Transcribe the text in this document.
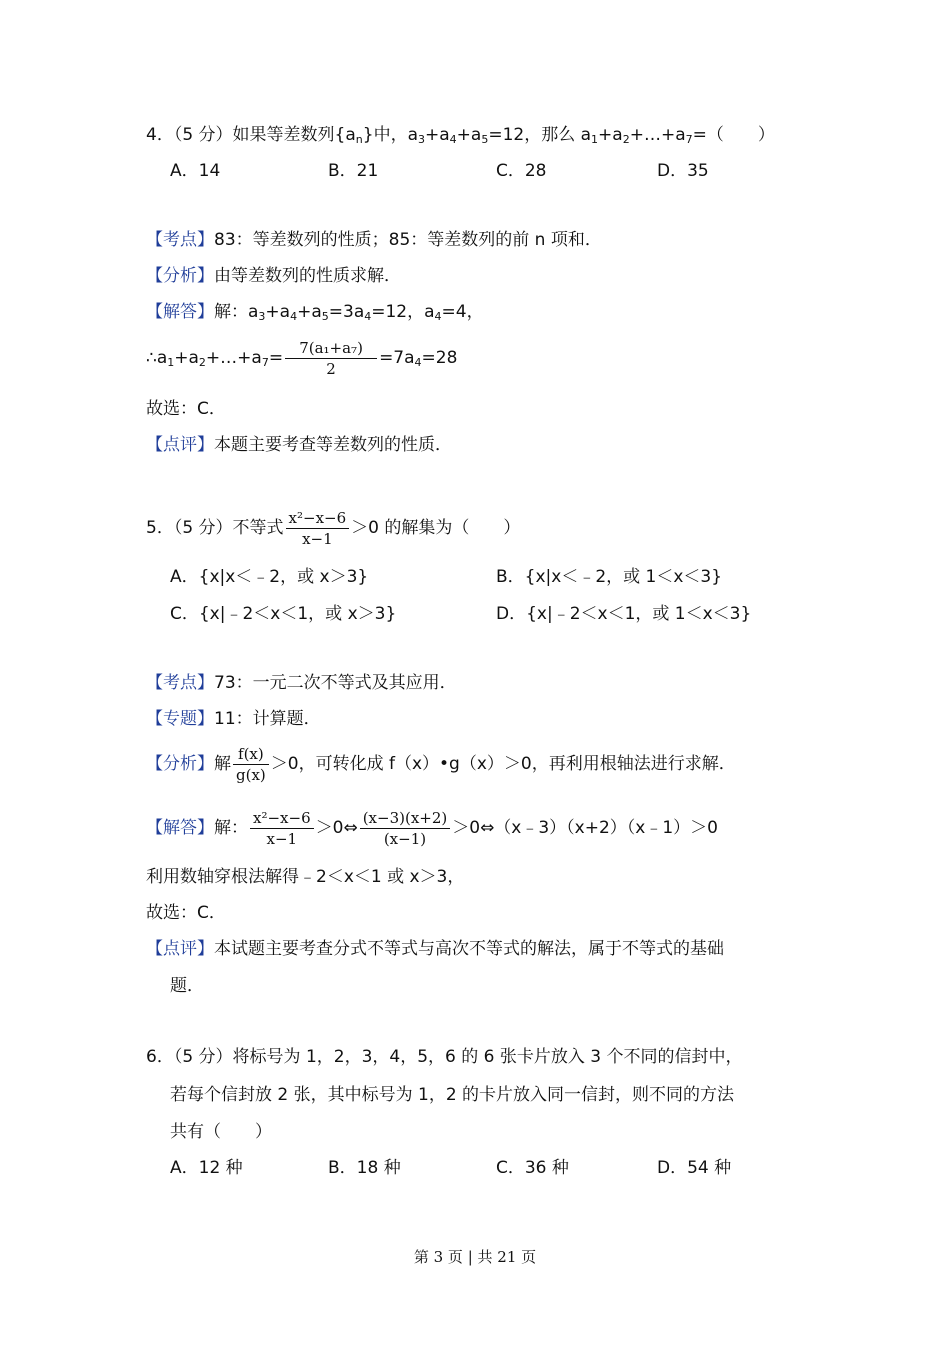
4．（5 分）如果等差数列$\{a_n\}$中，$a_3+a_4+a_5=12$，那么 $a_1+a_2+\dots+a_7=$（　　）
A．14	B．21	C．28	D．35
【考点】83：等差数列的性质；85：等差数列的前 n 项和．
【分析】由等差数列的性质求解．
【解答】解：$a_3+a_4+a_5=3a_4=12$，$a_4=4$，
$\therefore a_1+a_2+\dots+a_7= \frac{\text{7(a₁+a₇)}}{2} =7a_4=28$
故选：C．
【点评】本题主要考查等差数列的性质．
5．（5 分）不等式 $\frac{\text{x²−x−6}}{x-1} >0$ 的解集为（　　）
A．{x|x＜﹣2，或 x＞3}	B．{x|x＜﹣2，或 1＜x＜3}
C．{x|﹣2＜x＜1，或 x＞3}	D．{x|﹣2＜x＜1，或 1＜x＜3}
【考点】73：一元二次不等式及其应用．
【专题】11：计算题．
【分析】解 $\frac{f(x)}{g(x)} >0$，可转化成 f（x）•g（x）＞0，再利用根轴法进行求解．
【解答】解： $\frac{\text{x²−x−6}}{x-1}$ ＞0⇔ $\frac{(x-3)(x+2)}{(x-1)}$ ＞0⇔（x﹣3）（x+2）（x﹣1）＞0
利用数轴穿根法解得﹣2＜x＜1 或 x＞3，
故选：C．
【点评】本试题主要考查分式不等式与高次不等式的解法，属于不等式的基础
题．
6．（5 分）将标号为 1，2，3，4，5，6 的 6 张卡片放入 3 个不同的信封中，
若每个信封放 2 张，其中标号为 1，2 的卡片放入同一信封，则不同的方法
共有（　　）
A．12 种	B．18 种	C．36 种	D．54 种
第 3 页 | 共 21 页
